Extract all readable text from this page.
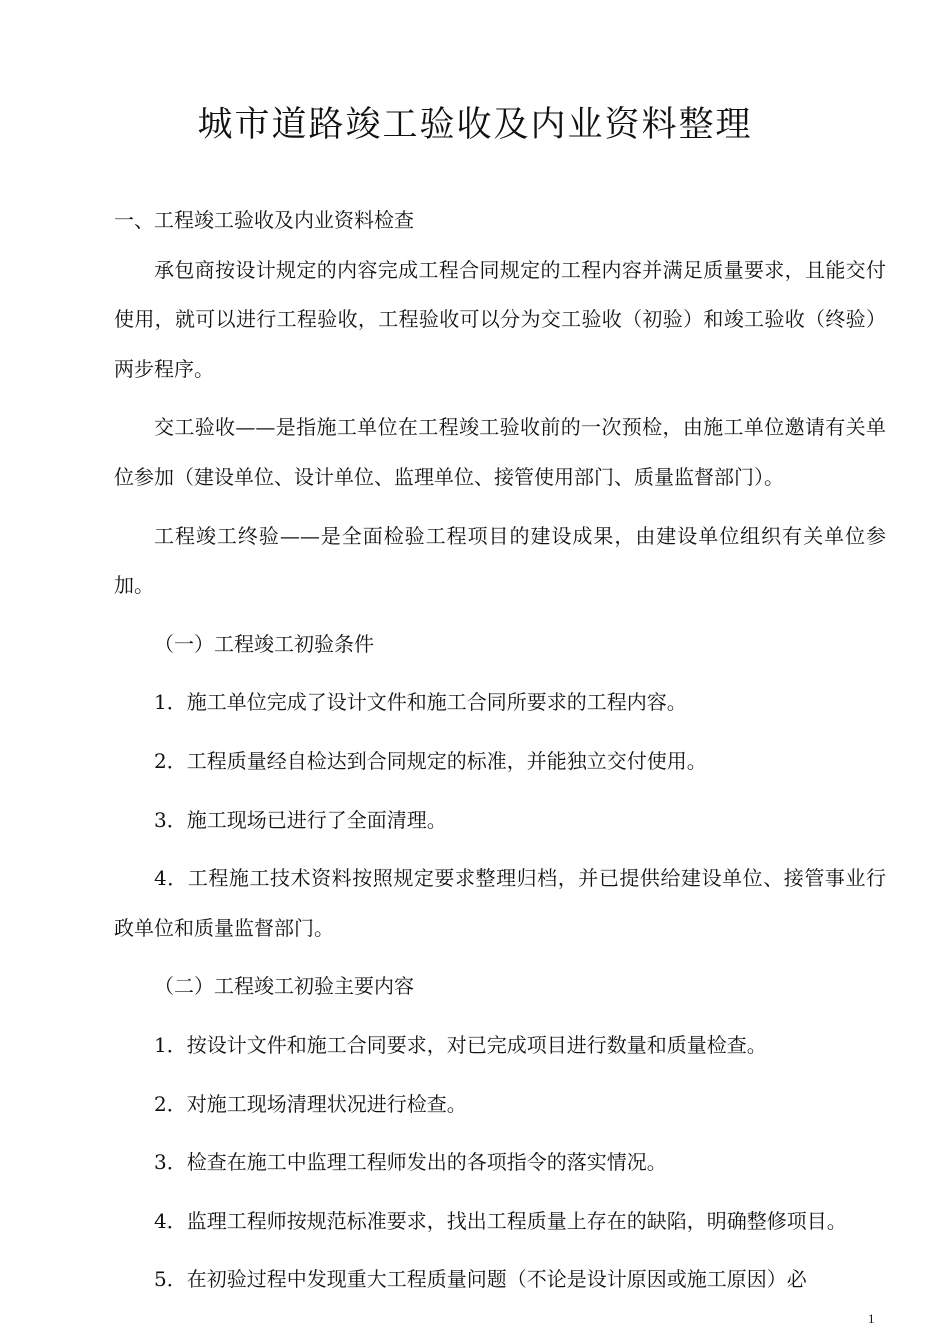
城市道路竣工验收及内业资料整理

一、工程竣工验收及内业资料检查

承包商按设计规定的内容完成工程合同规定的工程内容并满足质量要求，且能交付使用，就可以进行工程验收，工程验收可以分为交工验收（初验）和竣工验收（终验）两步程序。

交工验收——是指施工单位在工程竣工验收前的一次预检，由施工单位邀请有关单位参加（建设单位、设计单位、监理单位、接管使用部门、质量监督部门）。

工程竣工终验——是全面检验工程项目的建设成果，由建设单位组织有关单位参加。

（一）工程竣工初验条件

1．施工单位完成了设计文件和施工合同所要求的工程内容。

2．工程质量经自检达到合同规定的标准，并能独立交付使用。

3．施工现场已进行了全面清理。

4．工程施工技术资料按照规定要求整理归档，并已提供给建设单位、接管事业行政单位和质量监督部门。

（二）工程竣工初验主要内容

1．按设计文件和施工合同要求，对已完成项目进行数量和质量检查。

2．对施工现场清理状况进行检查。

3．检查在施工中监理工程师发出的各项指令的落实情况。

4．监理工程师按规范标准要求，找出工程质量上存在的缺陷，明确整修项目。

5．在初验过程中发现重大工程质量问题（不论是设计原因或施工原因）必

1
